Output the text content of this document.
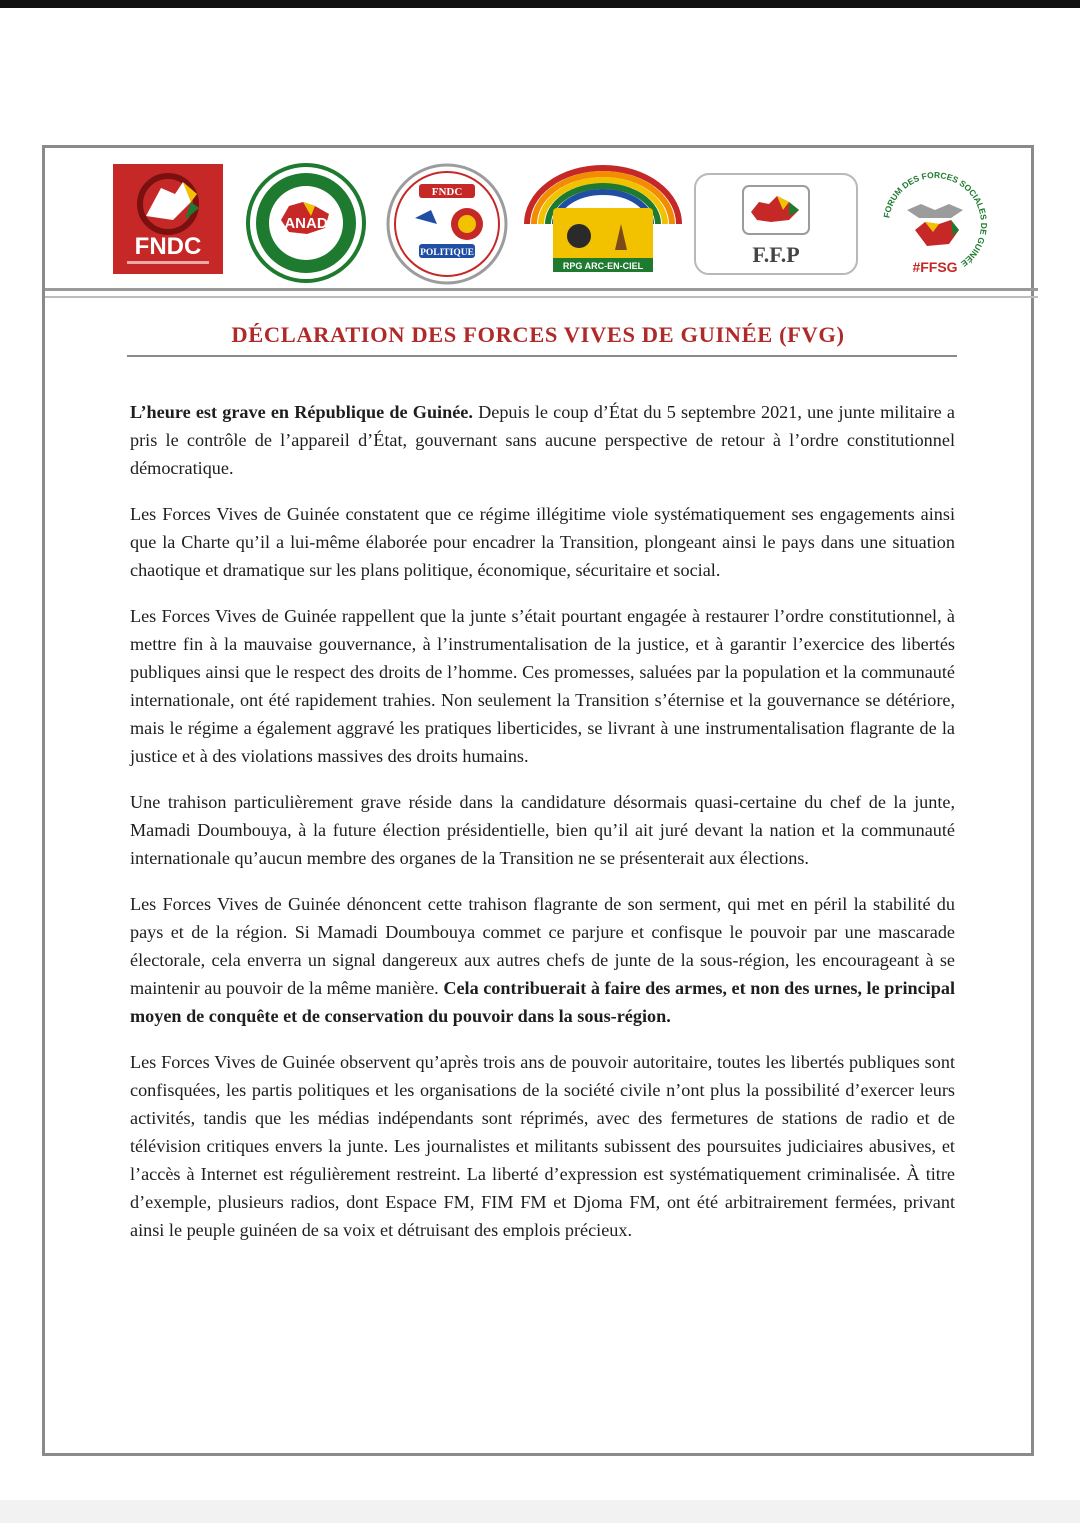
FNDC
ANAD
FNDC
POLITIQUE
RPG ARC-EN-CIEL	F.F.P
FORUM DES FORCES SOCIALES DE GUINÉE
#FFSG
DÉCLARATION DES FORCES VIVES DE GUINÉE (FVG)

L’heure est grave en République de Guinée. Depuis le coup d’État du 5 septembre 2021, une junte militaire a pris le contrôle de l’appareil d’État, gouvernant sans aucune perspective de retour à l’ordre constitutionnel démocratique.

Les Forces Vives de Guinée constatent que ce régime illégitime viole systématiquement ses engagements ainsi que la Charte qu’il a lui-même élaborée pour encadrer la Transition, plongeant ainsi le pays dans une situation chaotique et dramatique sur les plans politique, économique, sécuritaire et social.

Les Forces Vives de Guinée rappellent que la junte s’était pourtant engagée à restaurer l’ordre constitutionnel, à mettre fin à la mauvaise gouvernance, à l’instrumentalisation de la justice, et à garantir l’exercice des libertés publiques ainsi que le respect des droits de l’homme. Ces promesses, saluées par la population et la communauté internationale, ont été rapidement trahies. Non seulement la Transition s’éternise et la gouvernance se détériore, mais le régime a également aggravé les pratiques liberticides, se livrant à une instrumentalisation flagrante de la justice et à des violations massives des droits humains.

Une trahison particulièrement grave réside dans la candidature désormais quasi-certaine du chef de la junte, Mamadi Doumbouya, à la future élection présidentielle, bien qu’il ait juré devant la nation et la communauté internationale qu’aucun membre des organes de la Transition ne se présenterait aux élections.

Les Forces Vives de Guinée dénoncent cette trahison flagrante de son serment, qui met en péril la stabilité du pays et de la région. Si Mamadi Doumbouya commet ce parjure et confisque le pouvoir par une mascarade électorale, cela enverra un signal dangereux aux autres chefs de junte de la sous-région, les encourageant à se maintenir au pouvoir de la même manière. Cela contribuerait à faire des armes, et non des urnes, le principal moyen de conquête et de conservation du pouvoir dans la sous-région.

Les Forces Vives de Guinée observent qu’après trois ans de pouvoir autoritaire, toutes les libertés publiques sont confisquées, les partis politiques et les organisations de la société civile n’ont plus la possibilité d’exercer leurs activités, tandis que les médias indépendants sont réprimés, avec des fermetures de stations de radio et de télévision critiques envers la junte. Les journalistes et militants subissent des poursuites judiciaires abusives, et l’accès à Internet est régulièrement restreint. La liberté d’expression est systématiquement criminalisée. À titre d’exemple, plusieurs radios, dont Espace FM, FIM FM et Djoma FM, ont été arbitrairement fermées, privant ainsi le peuple guinéen de sa voix et détruisant des emplois précieux.
